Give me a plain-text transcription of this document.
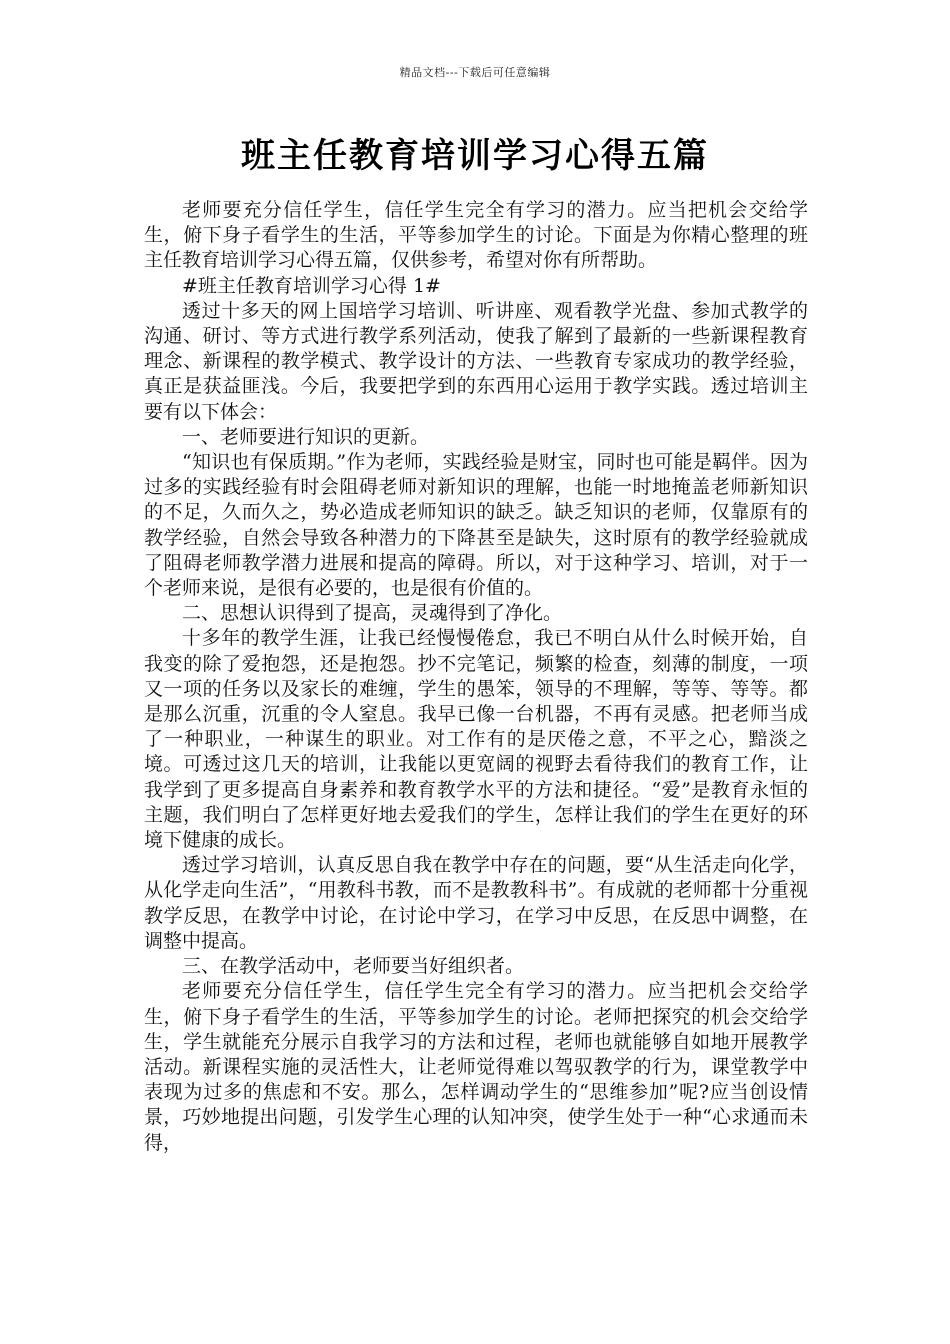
精品文档---下载后可任意编辑
班主任教育培训学习心得五篇

老师要充分信任学生，信任学生完全有学习的潜力。应当把机会交给学生，俯下身子看学生的生活，平等参加学生的讨论。下面是为你精心整理的班主任教育培训学习心得五篇，仅供参考，希望对你有所帮助。

#班主任教育培训学习心得 1#

透过十多天的网上国培学习培训、听讲座、观看教学光盘、参加式教学的沟通、研讨、等方式进行教学系列活动，使我了解到了最新的一些新课程教育理念、新课程的教学模式、教学设计的方法、一些教育专家成功的教学经验，真正是获益匪浅。今后，我要把学到的东西用心运用于教学实践。透过培训主要有以下体会：

一、老师要进行知识的更新。

“知识也有保质期。”作为老师，实践经验是财宝，同时也可能是羁伴。因为过多的实践经验有时会阻碍老师对新知识的理解，也能一时地掩盖老师新知识的不足，久而久之，势必造成老师知识的缺乏。缺乏知识的老师，仅靠原有的教学经验，自然会导致各种潜力的下降甚至是缺失，这时原有的教学经验就成了阻碍老师教学潜力进展和提高的障碍。所以，对于这种学习、培训，对于一个老师来说，是很有必要的，也是很有价值的。

二、思想认识得到了提高，灵魂得到了净化。

十多年的教学生涯，让我已经慢慢倦怠，我已不明白从什么时候开始，自我变的除了爱抱怨，还是抱怨。抄不完笔记，频繁的检查，刻薄的制度，一项又一项的任务以及家长的难缠，学生的愚笨，领导的不理解，等等、等等。都是那么沉重，沉重的令人窒息。我早已像一台机器，不再有灵感。把老师当成了一种职业，一种谋生的职业。对工作有的是厌倦之意，不平之心，黯淡之境。可透过这几天的培训，让我能以更宽阔的视野去看待我们的教育工作，让我学到了更多提高自身素养和教育教学水平的方法和捷径。“爱”是教育永恒的主题，我们明白了怎样更好地去爱我们的学生，怎样让我们的学生在更好的环境下健康的成长。

透过学习培训，认真反思自我在教学中存在的问题，要“从生活走向化学，从化学走向生活”，“用教科书教，而不是教教科书”。有成就的老师都十分重视教学反思，在教学中讨论，在讨论中学习，在学习中反思，在反思中调整，在调整中提高。

三、在教学活动中，老师要当好组织者。

老师要充分信任学生，信任学生完全有学习的潜力。应当把机会交给学生，俯下身子看学生的生活，平等参加学生的讨论。老师把探究的机会交给学生，学生就能充分展示自我学习的方法和过程，老师也就能够自如地开展教学活动。新课程实施的灵活性大，让老师觉得难以驾驭教学的行为，课堂教学中表现为过多的焦虑和不安。那么，怎样调动学生的“思维参加”呢?应当创设情景，巧妙地提出问题，引发学生心理的认知冲突，使学生处于一种“心求通而未得，
